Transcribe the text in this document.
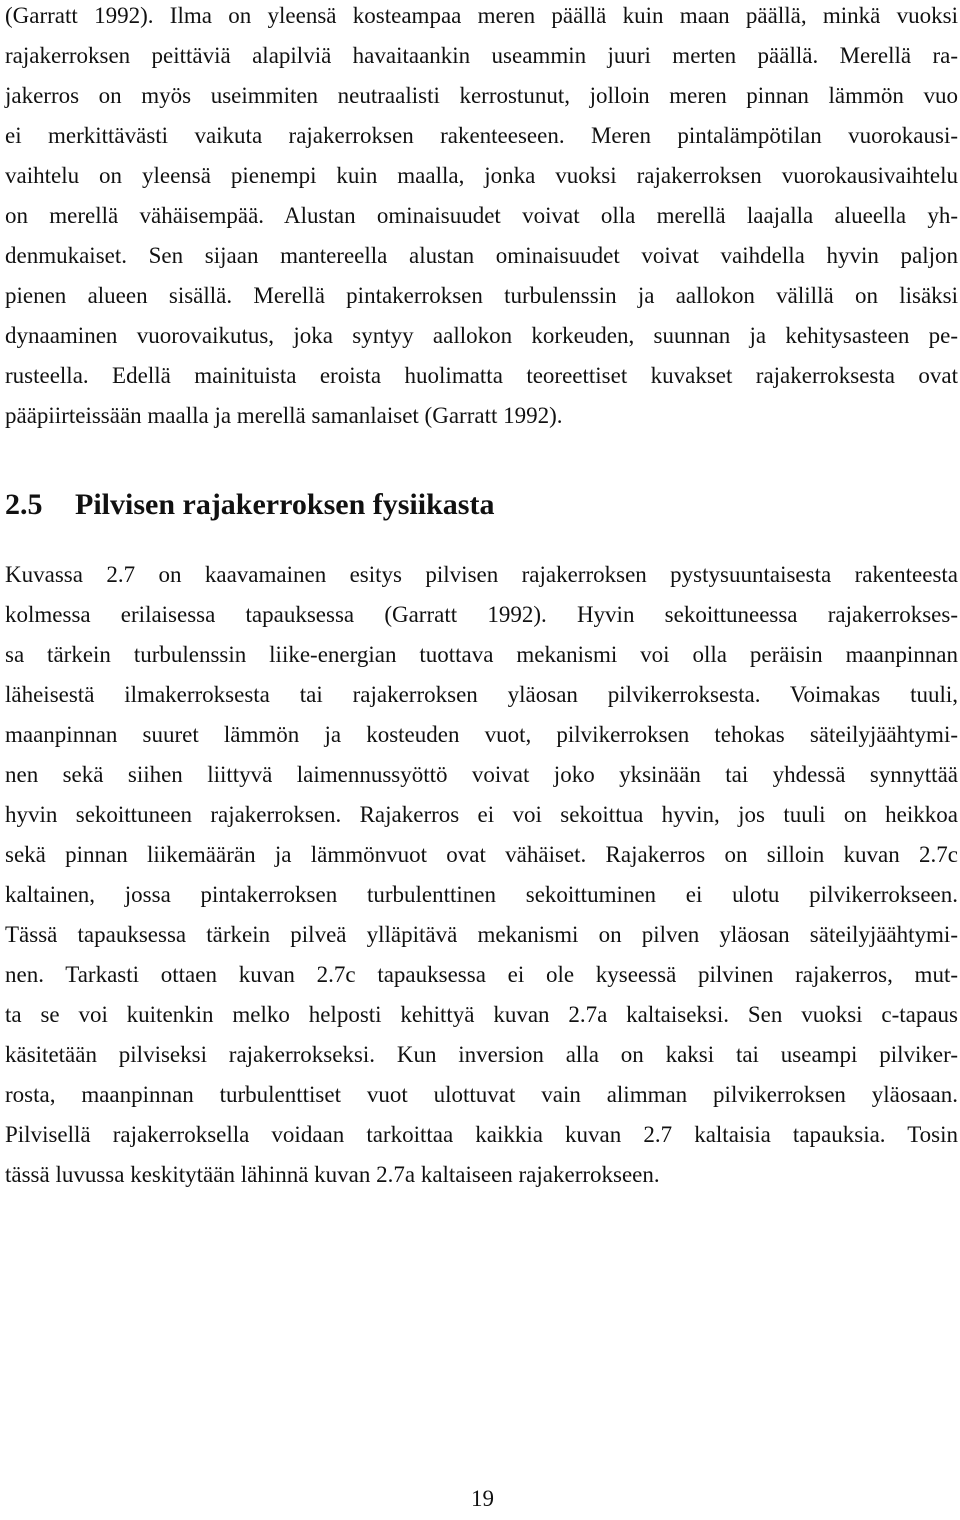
(Garratt 1992). Ilma on yleensä kosteampaa meren päällä kuin maan päällä, minkä vuoksi
rajakerroksen peittäviä alapilviä havaitaankin useammin juuri merten päällä. Merellä ra-
jakerros on myös useimmiten neutraalisti kerrostunut, jolloin meren pinnan lämmön vuo
ei merkittävästi vaikuta rajakerroksen rakenteeseen. Meren pintalämpötilan vuorokausi-
vaihtelu on yleensä pienempi kuin maalla, jonka vuoksi rajakerroksen vuorokausivaihtelu
on merellä vähäisempää. Alustan ominaisuudet voivat olla merellä laajalla alueella yh-
denmukaiset. Sen sijaan mantereella alustan ominaisuudet voivat vaihdella hyvin paljon
pienen alueen sisällä. Merellä pintakerroksen turbulenssin ja aallokon välillä on lisäksi
dynaaminen vuorovaikutus, joka syntyy aallokon korkeuden, suunnan ja kehitysasteen pe-
rusteella. Edellä mainituista eroista huolimatta teoreettiset kuvakset rajakerroksesta ovat
pääpiirteissään maalla ja merellä samanlaiset (Garratt 1992).
2.5 Pilvisen rajakerroksen fysiikasta
Kuvassa 2.7 on kaavamainen esitys pilvisen rajakerroksen pystysuuntaisesta rakenteesta
kolmessa erilaisessa tapauksessa (Garratt 1992). Hyvin sekoittuneessa rajakerrokses-
sa tärkein turbulenssin liike-energian tuottava mekanismi voi olla peräisin maanpinnan
läheisestä ilmakerroksesta tai rajakerroksen yläosan pilvikerroksesta. Voimakas tuuli,
maanpinnan suuret lämmön ja kosteuden vuot, pilvikerroksen tehokas säteilyjäähtymi-
nen sekä siihen liittyvä laimennussyöttö voivat joko yksinään tai yhdessä synnyttää
hyvin sekoittuneen rajakerroksen. Rajakerros ei voi sekoittua hyvin, jos tuuli on heikkoa
sekä pinnan liikemäärän ja lämmönvuot ovat vähäiset. Rajakerros on silloin kuvan 2.7c
kaltainen, jossa pintakerroksen turbulenttinen sekoittuminen ei ulotu pilvikerrokseen.
Tässä tapauksessa tärkein pilveä ylläpitävä mekanismi on pilven yläosan säteilyjäähtymi-
nen. Tarkasti ottaen kuvan 2.7c tapauksessa ei ole kyseessä pilvinen rajakerros, mut-
ta se voi kuitenkin melko helposti kehittyä kuvan 2.7a kaltaiseksi. Sen vuoksi c-tapaus
käsitetään pilviseksi rajakerrokseksi. Kun inversion alla on kaksi tai useampi pilviker-
rosta, maanpinnan turbulenttiset vuot ulottuvat vain alimman pilvikerroksen yläosaan.
Pilvisellä rajakerroksella voidaan tarkoittaa kaikkia kuvan 2.7 kaltaisia tapauksia. Tosin
tässä luvussa keskitytään lähinnä kuvan 2.7a kaltaiseen rajakerrokseen.
19
